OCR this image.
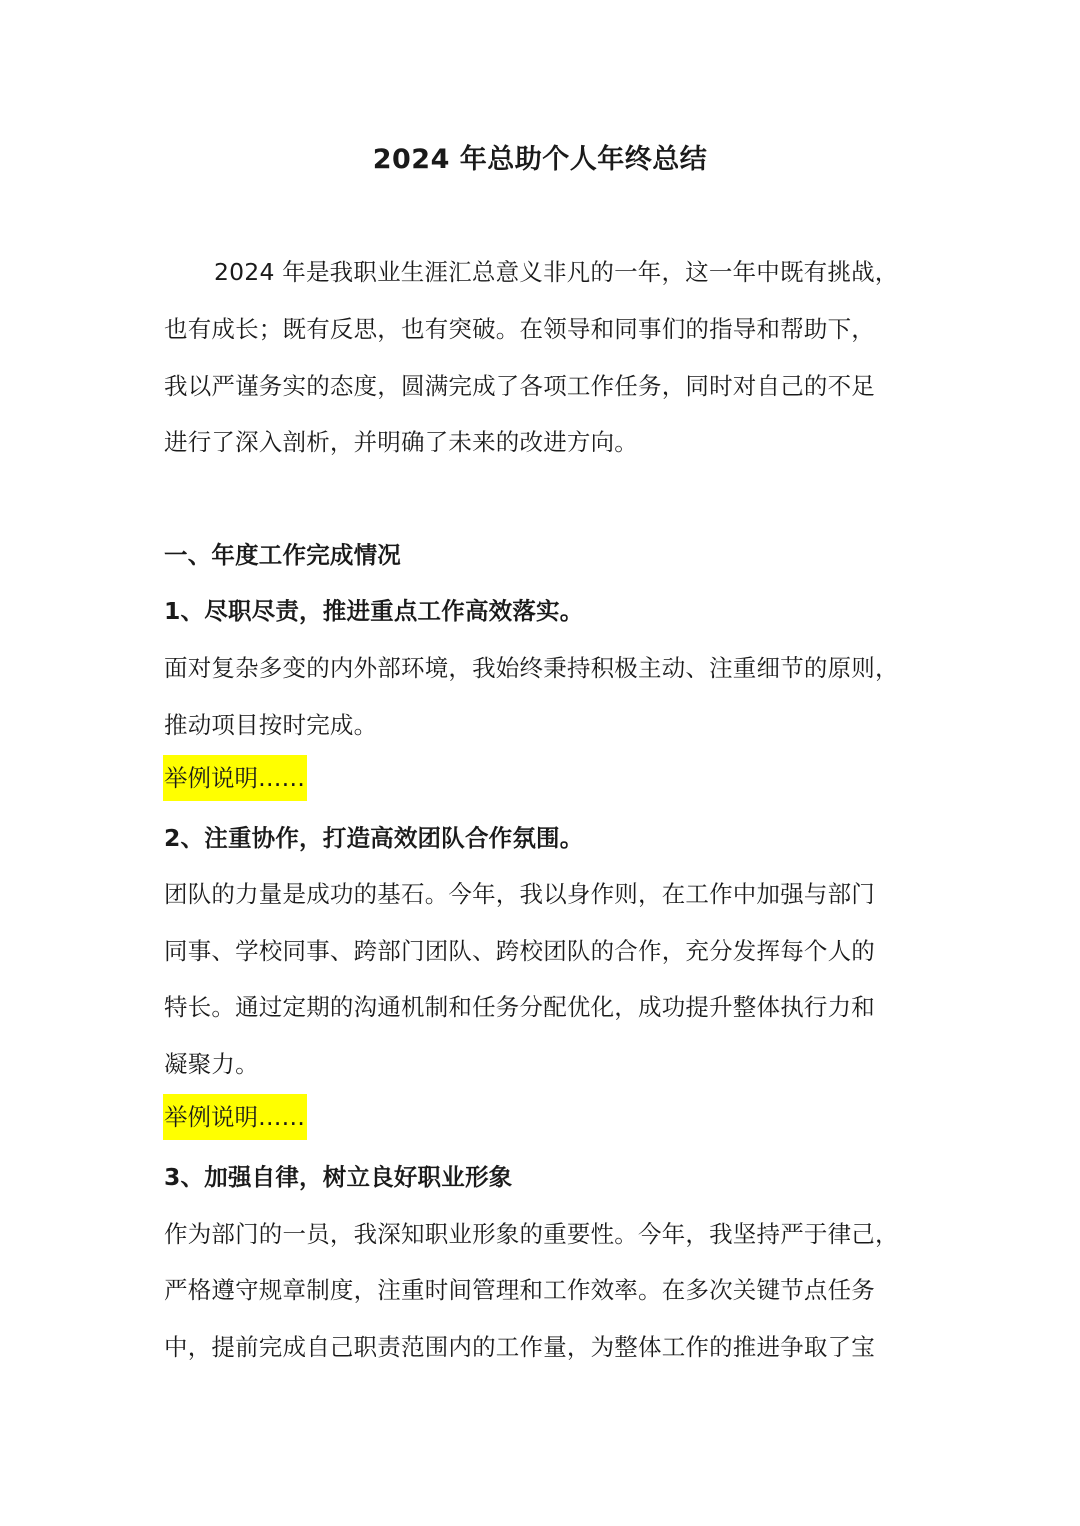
2024 年总助个人年终总结
2024 年是我职业生涯汇总意义非凡的一年，这一年中既有挑战，
也有成长；既有反思，也有突破。在领导和同事们的指导和帮助下，
我以严谨务实的态度，圆满完成了各项工作任务，同时对自己的不足
进行了深入剖析，并明确了未来的改进方向。
一、年度工作完成情况
1、尽职尽责，推进重点工作高效落实。
面对复杂多变的内外部环境，我始终秉持积极主动、注重细节的原则，
推动项目按时完成。
举例说明……
2、注重协作，打造高效团队合作氛围。
团队的力量是成功的基石。今年，我以身作则，在工作中加强与部门
同事、学校同事、跨部门团队、跨校团队的合作，充分发挥每个人的
特长。通过定期的沟通机制和任务分配优化，成功提升整体执行力和
凝聚力。
举例说明……
3、加强自律，树立良好职业形象
作为部门的一员，我深知职业形象的重要性。今年，我坚持严于律己，
严格遵守规章制度，注重时间管理和工作效率。在多次关键节点任务
中，提前完成自己职责范围内的工作量，为整体工作的推进争取了宝
